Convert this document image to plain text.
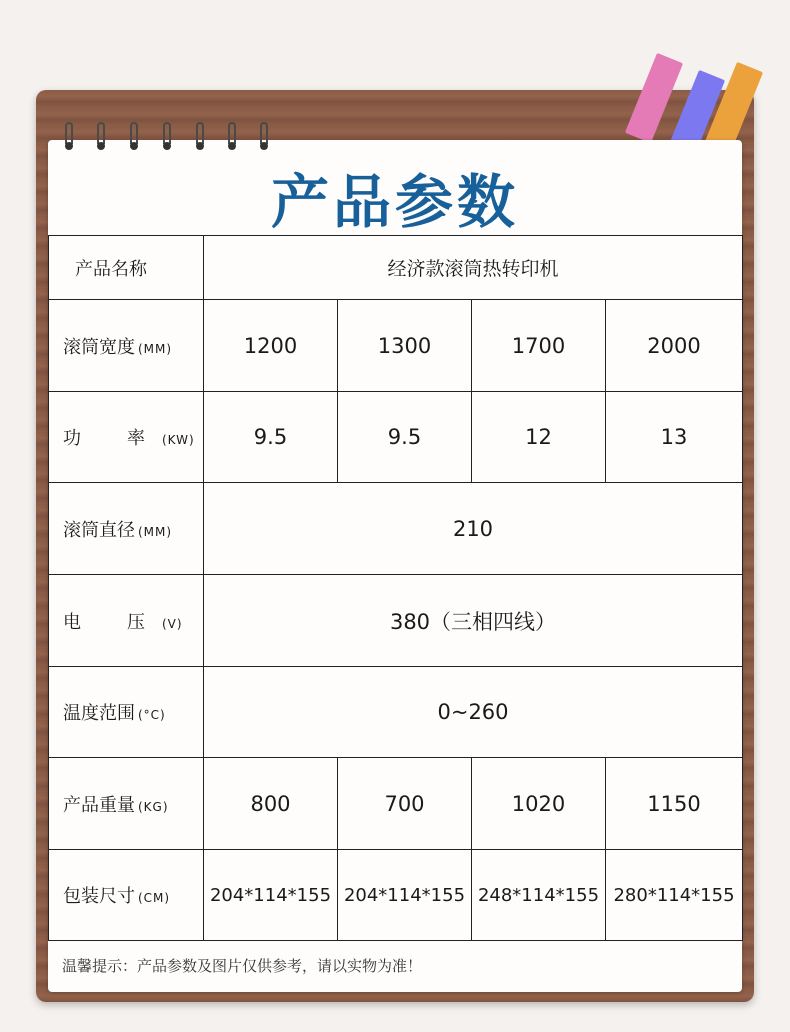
产品参数
产品名称	经济款滚筒热转印机			
滚筒宽度 (MM)	1200	1300	1700	2000
功　率 (KW)	9.5	9.5	12	13
滚筒直径 (MM)	210			
电　压 (V)	380（三相四线）			
温度范围 (°C)	0~260			
产品重量 (KG)	800	700	1020	1150
包装尺寸 (CM)	204*114*155	204*114*155	248*114*155	280*114*155
温馨提示：产品参数及图片仅供参考，请以实物为准！
